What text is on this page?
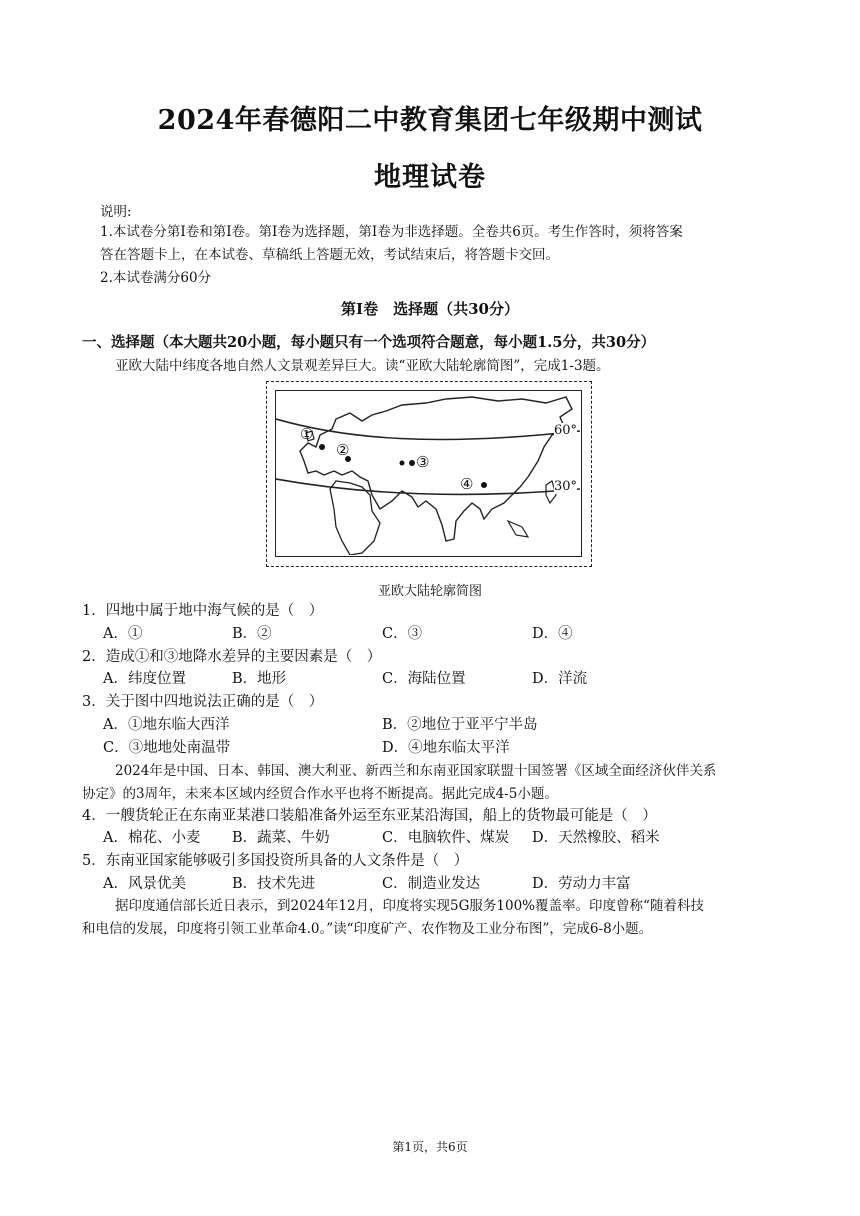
2024年春德阳二中教育集团七年级期中测试
地理试卷
说明:
1.本试卷分第Ⅰ卷和第Ⅰ卷。第Ⅰ卷为选择题，第Ⅰ卷为非选择题。全卷共6页。考生作答时，须将答案
答在答题卡上，在本试卷、草稿纸上答题无效，考试结束后，将答题卡交回。
2.本试卷满分60分
第Ⅰ卷　选择题（共30分）
一、选择题（本大题共20小题，每小题只有一个选项符合题意，每小题1.5分，共30分）
亚欧大陆中纬度各地自然人文景观差异巨大。读“亚欧大陆轮廓简图”，完成1-3题。
①
②
③
④
60°
30°
亚欧大陆轮廓简图
1．四地中属于地中海气候的是（　）
A．①	B．②	C．③	D．④
2．造成①和③地降水差异的主要因素是（　）
A．纬度位置	B．地形	C．海陆位置	D．洋流
3．关于图中四地说法正确的是（　）
A．①地东临大西洋	B．②地位于亚平宁半岛
C．③地地处南温带	D．④地东临太平洋
2024年是中国、日本、韩国、澳大利亚、新西兰和东南亚国家联盟十国签署《区域全面经济伙伴关系
协定》的3周年，未来本区域内经贸合作水平也将不断提高。据此完成4-5小题。
4．一艘货轮正在东南亚某港口装船准备外运至东亚某沿海国，船上的货物最可能是（　）
A．棉花、小麦 B．蔬菜、牛奶	C．电脑软件、煤炭 D．天然橡胶、稻米
5．东南亚国家能够吸引多国投资所具备的人文条件是（　）
A．风景优美	B．技术先进	C．制造业发达	D．劳动力丰富
据印度通信部长近日表示，到2024年12月，印度将实现5G服务100%覆盖率。印度曾称“随着科技
和电信的发展，印度将引领工业革命4.0。”读“印度矿产、农作物及工业分布图”，完成6-8小题。
第1页，共6页
